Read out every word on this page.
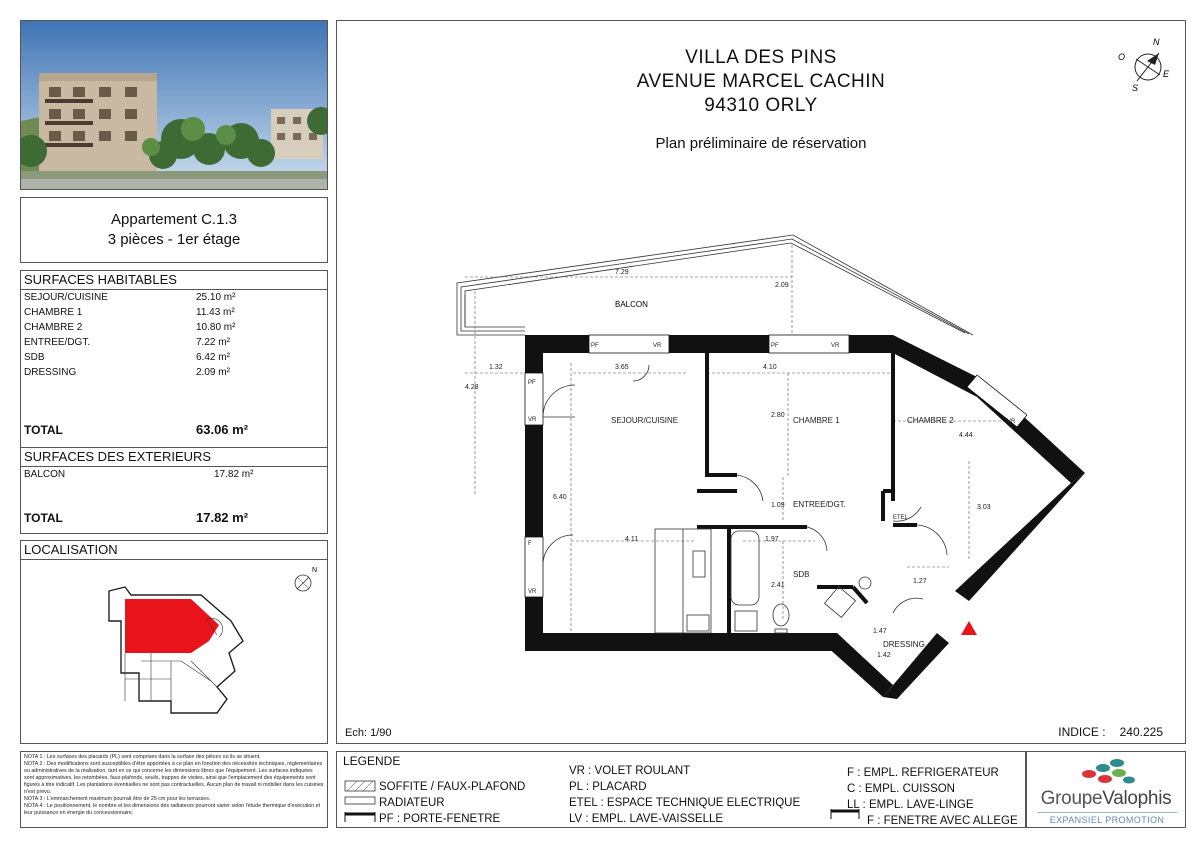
Appartement C.1.3
3 pièces - 1er étage
SURFACES HABITABLES
SEJOUR/CUISINE	25.10 m²
CHAMBRE 1	11.43 m²
CHAMBRE 2	10.80 m²
ENTREE/DGT.	7.22 m²
SDB	6.42 m²
DRESSING	2.09 m²
TOTAL	63.06 m²
SURFACES DES EXTERIEURS
BALCON	17.82 m²
TOTAL	17.82 m²
LOCALISATION
N
NOTA 1 : Les surfaces des placards (PL) sont comprises dans la surface des pièces où ils se situent.
NOTA 2 : Des modifications sont susceptibles d'être apportées à ce plan en fonction des nécessités techniques, réglementaires ou administratives de la réalisation, tant en ce qui concerne les dimensions libres que l'équipement. Les surfaces indiquées sont approximatives, les retombées, faux-plafonds, seuils, trappes de visites, ainsi que l'emplacement des équipements sont figurés à titre indicatif. Les plantations éventuelles ne sont pas contractuelles. Aucun plan de travail ni mobilier dans les cuisines n'est prévu.
NOTA 3 : L'emmarchement maximum pourrait être de 25 cm pour les terrasses.
NOTA 4 : Le positionnement, le nombre et les dimensions des radiateurs pourront varier selon l'étude thermique d'exécution et leur puissance en énergie du concessionnaire.
VILLA DES PINS
AVENUE MARCEL CACHIN
94310 ORLY
Plan préliminaire de réservation
N
E
S
O
BALCON
7.29
2.09
1.32
4.28
3.65	4.10
2.80
4.44
6.40
4.11
1.09
1.97
2.41
3.03
1.27
1.47
1.42
PF	VR	PF	VR
PF
VR
F
VR
VR
ETEL
SEJOUR/CUISINE	CHAMBRE 1	CHAMBRE 2
ENTREE/DGT.
SDB
DRESSING
Ech: 1/90	INDICE : 240.225
LEGENDE
SOFFITE / FAUX-PLAFOND
RADIATEUR
PF : PORTE-FENETRE
VR : VOLET ROULANT
PL : PLACARD
ETEL : ESPACE TECHNIQUE ELECTRIQUE
LV : EMPL. LAVE-VAISSELLE
F : EMPL. REFRIGERATEUR
C : EMPL. CUISSON
LL : EMPL. LAVE-LINGE
F : FENETRE AVEC ALLEGE
GroupeValophis
EXPANSIEL PROMOTION
